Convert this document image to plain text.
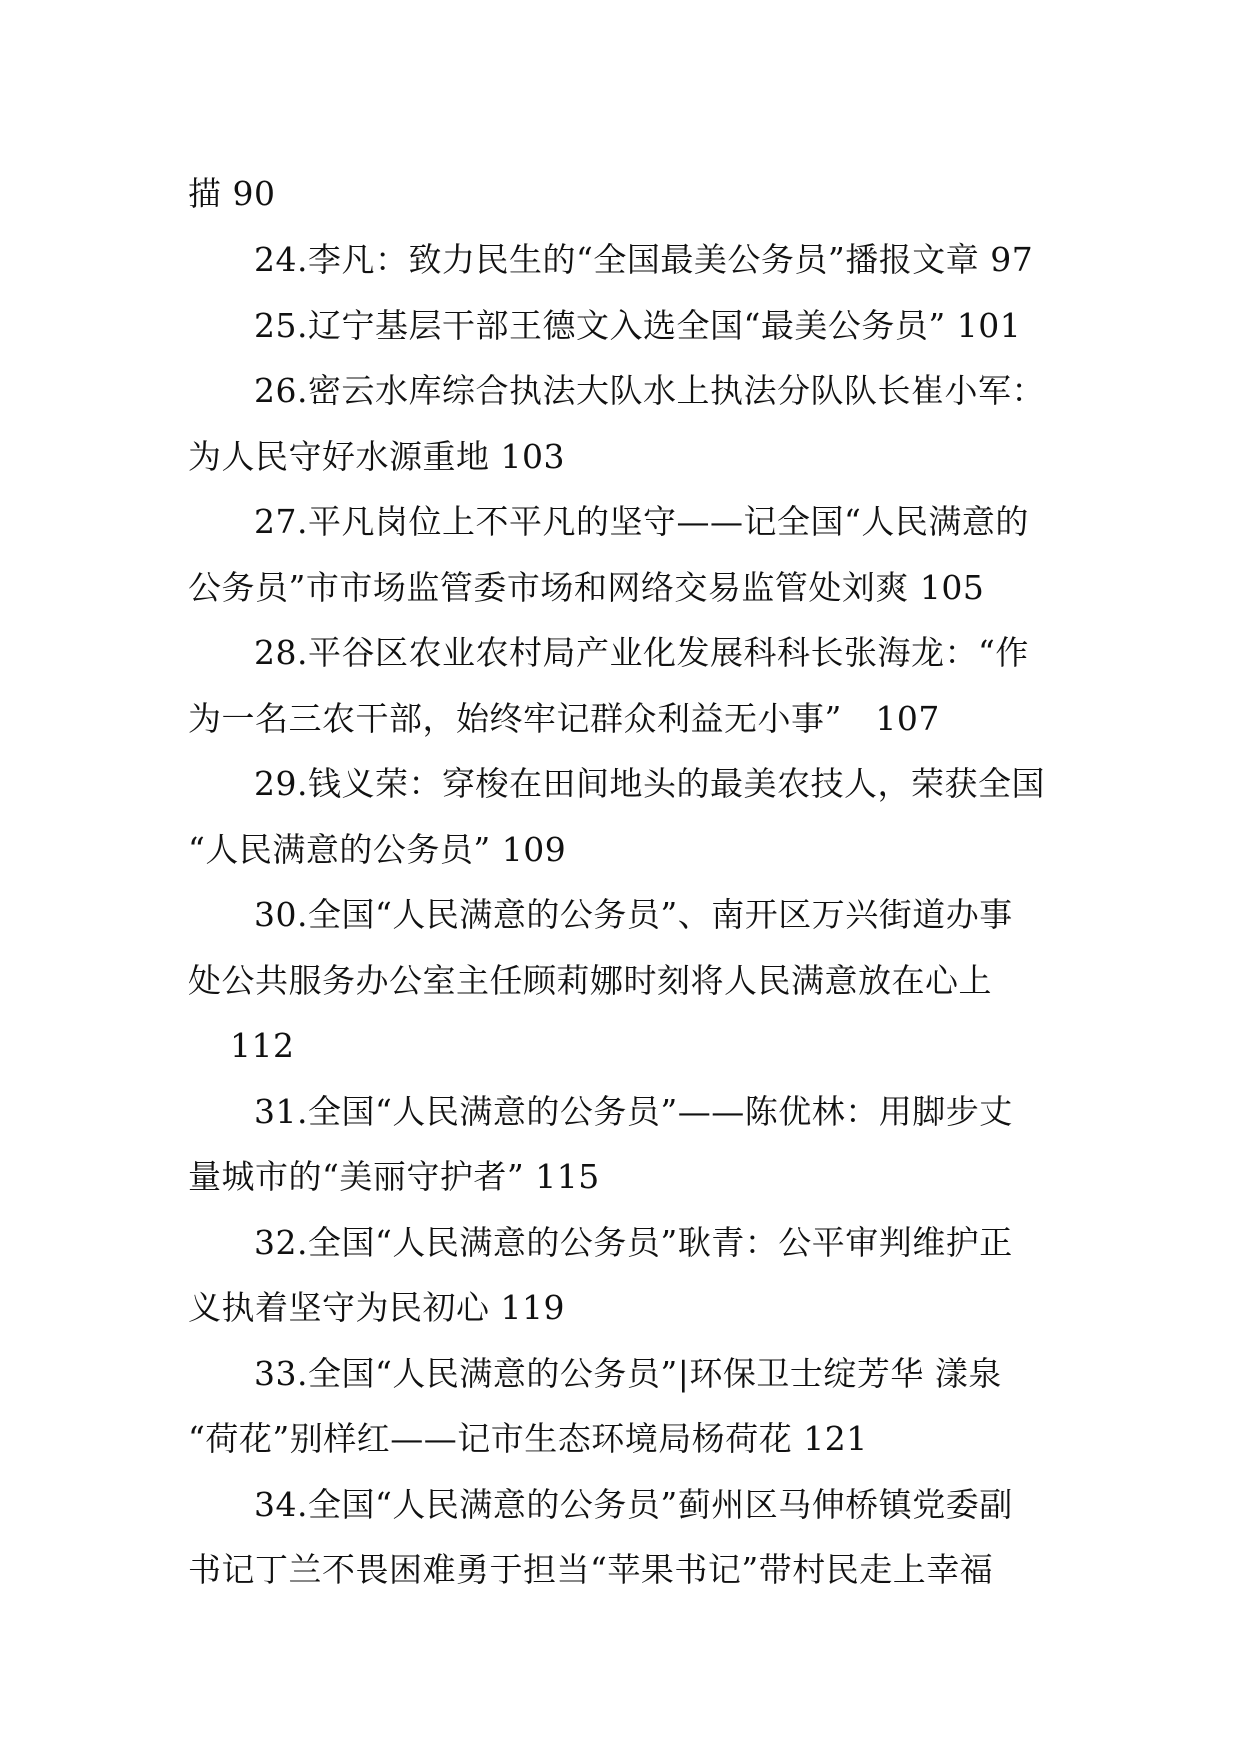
描 90
24.李凡：致力民生的“全国最美公务员”播报文章 97
25.辽宁基层干部王德文入选全国“最美公务员” 101
26.密云水库综合执法大队水上执法分队队长崔小军：
为人民守好水源重地 103
27.平凡岗位上不平凡的坚守——记全国“人民满意的
公务员”市市场监管委市场和网络交易监管处刘爽 105
28.平谷区农业农村局产业化发展科科长张海龙：“作
为一名三农干部，始终牢记群众利益无小事”　107
29.钱义荣：穿梭在田间地头的最美农技人，荣获全国
“人民满意的公务员” 109
30.全国“人民满意的公务员”、南开区万兴街道办事
处公共服务办公室主任顾莉娜时刻将人民满意放在心上
112
31.全国“人民满意的公务员”——陈优林：用脚步丈
量城市的“美丽守护者” 115
32.全国“人民满意的公务员”耿青：公平审判维护正
义执着坚守为民初心 119
33.全国“人民满意的公务员”|环保卫士绽芳华 漾泉
“荷花”别样红——记市生态环境局杨荷花 121
34.全国“人民满意的公务员”蓟州区马伸桥镇党委副
书记丁兰不畏困难勇于担当“苹果书记”带村民走上幸福
